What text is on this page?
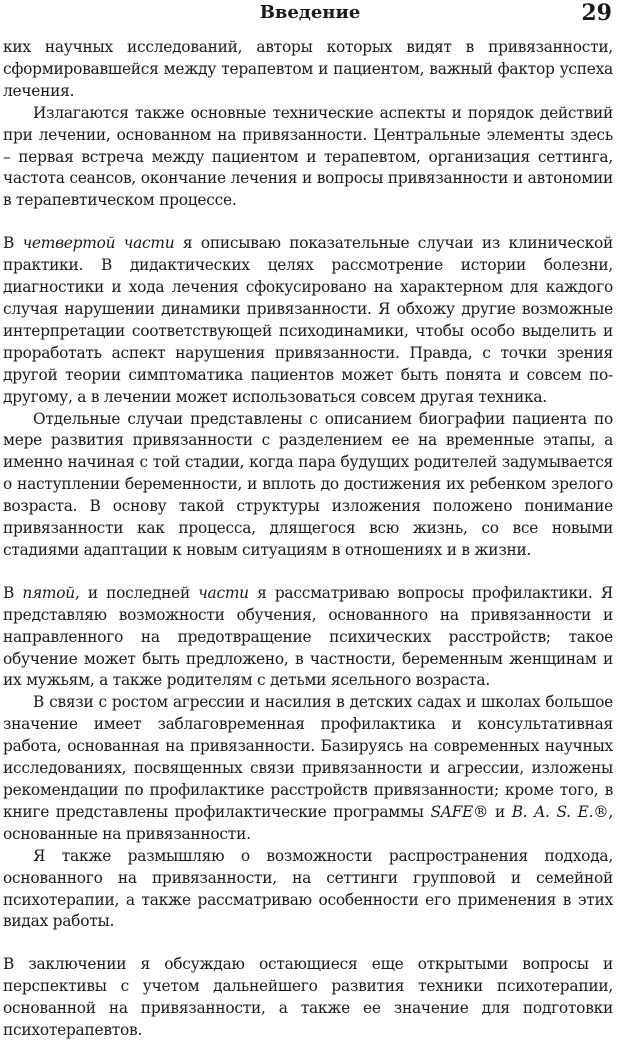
Введение	29

ких научных исследований, авторы которых видят в привязанности, сформировавшейся между терапевтом и пациентом, важный фактор успеха лечения.

Излагаются также основные технические аспекты и порядок действий при лечении, основанном на привязанности. Центральные элементы здесь – первая встреча между пациентом и терапевтом, организация сеттинга, частота сеансов, окончание лечения и вопросы привязанности и автономии в терапевтическом процессе.

В четвертой части я описываю показательные случаи из клинической практики. В дидактических целях рассмотрение истории болезни, диагностики и хода лечения сфокусировано на характерном для каждого случая нарушении динамики привязанности. Я обхожу другие возможные интерпретации соответствующей психодинамики, чтобы особо выделить и проработать аспект нарушения привязанности. Правда, с точки зрения другой теории симптоматика пациентов может быть понята и совсем по-другому, а в лечении может использоваться совсем другая техника.

Отдельные случаи представлены с описанием биографии пациента по мере развития привязанности с разделением ее на временные этапы, а именно начиная с той стадии, когда пара будущих родителей задумывается о наступлении беременности, и вплоть до достижения их ребенком зрелого возраста. В основу такой структуры изложения положено понимание привязанности как процесса, длящегося всю жизнь, со все новыми стадиями адаптации к новым ситуациям в отношениях и в жизни.

В пятой, и последней части я рассматриваю вопросы профилактики. Я представляю возможности обучения, основанного на привязанности и направленного на предотвращение психических расстройств; такое обучение может быть предложено, в частности, беременным женщинам и их мужьям, а также родителям с детьми ясельного возраста.

В связи с ростом агрессии и насилия в детских садах и школах большое значение имеет заблаговременная профилактика и консультативная работа, основанная на привязанности. Базируясь на современных научных исследованиях, посвященных связи привязанности и агрессии, изложены рекомендации по профилактике расстройств привязанности; кроме того, в книге представлены профилактические программы SAFE® и B. A. S. E.®, основанные на привязанности.

Я также размышляю о возможности распространения подхода, основанного на привязанности, на сеттинги групповой и семейной психотерапии, а также рассматриваю особенности его применения в этих видах работы.

В заключении я обсуждаю остающиеся еще открытыми вопросы и перспективы с учетом дальнейшего развития техники психотерапии, основанной на привязанности, а также ее значение для подготовки психотерапевтов.
